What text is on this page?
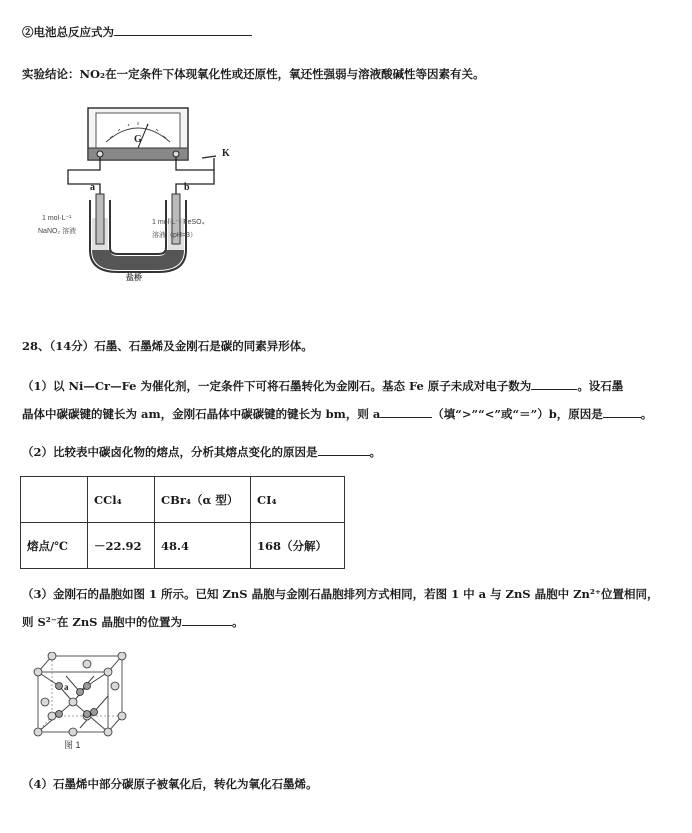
②电池总反应式为
实验结论：NO₂在一定条件下体现氧化性或还原性，氧还性强弱与溶液酸碱性等因素有关。
G
K
a	b
1 mol·L⁻¹
NaNO₂ 溶液
1 mol·L⁻¹ FeSO₄
溶液（pH=3）
盐桥
28、（14分）石墨、石墨烯及金刚石是碳的同素异形体。
（1）以 Ni—Cr—Fe 为催化剂，一定条件下可将石墨转化为金刚石。基态 Fe 原子未成对电子数为	。设石墨
晶体中碳碳键的键长为 am，金刚石晶体中碳碳键的键长为 bm，则 a	（填“>”“<”或“＝”）b，原因是	。
（2）比较表中碳卤化物的熔点，分析其熔点变化的原因是	。
	CCl₄	CBr₄（α 型）	CI₄
熔点/℃	－22.92	48.4	168（分解）
（3）金刚石的晶胞如图 1 所示。已知 ZnS 晶胞与金刚石晶胞排列方式相同，若图 1 中 a 与 ZnS 晶胞中 Zn²⁺位置相同，
则 S²⁻在 ZnS 晶胞中的位置为	。
a
图 1
（4）石墨烯中部分碳原子被氧化后，转化为氧化石墨烯。
